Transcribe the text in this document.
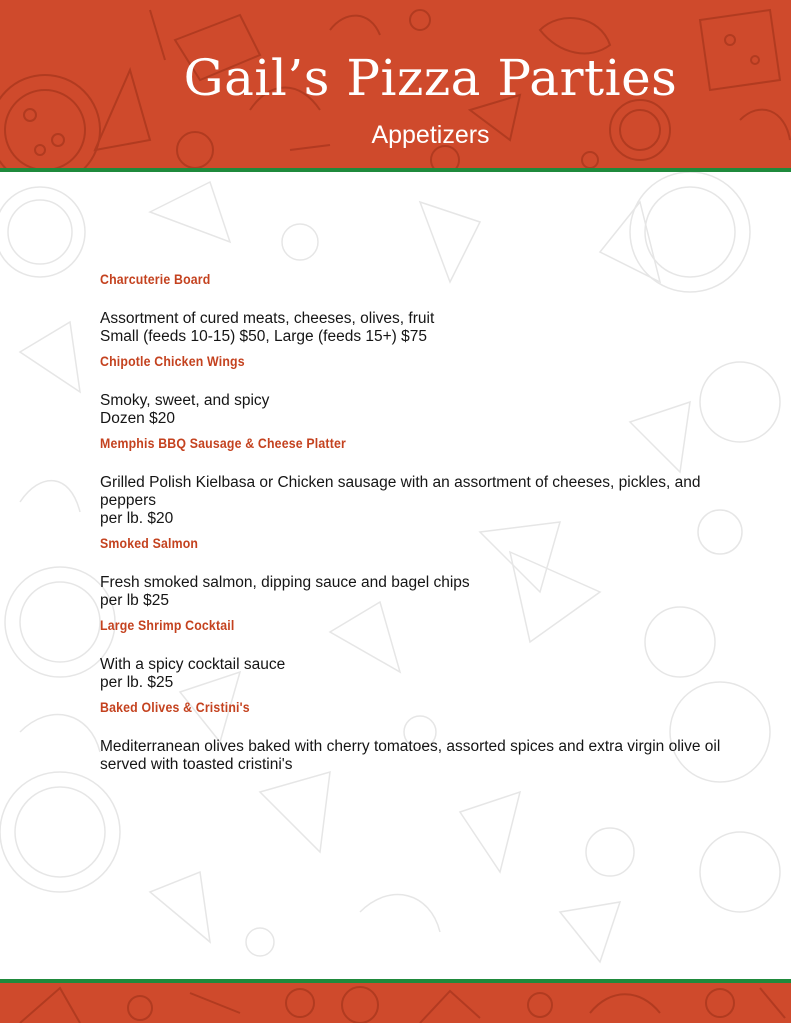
Gail’s Pizza Parties
Appetizers
Charcuterie Board
Assortment of cured meats, cheeses, olives, fruit
Small (feeds 10-15) $50, Large (feeds 15+) $75
Chipotle Chicken Wings
Smoky, sweet, and spicy
Dozen $20
Memphis BBQ Sausage & Cheese Platter
Grilled Polish Kielbasa or Chicken sausage with an assortment of cheeses, pickles, and peppers
per lb. $20
Smoked Salmon
Fresh smoked salmon, dipping sauce and bagel chips
per lb $25
Large Shrimp Cocktail
With a spicy cocktail sauce
per lb. $25
Baked Olives & Cristini's
Mediterranean olives baked with cherry tomatoes, assorted spices and extra virgin olive oil served with toasted cristini's
